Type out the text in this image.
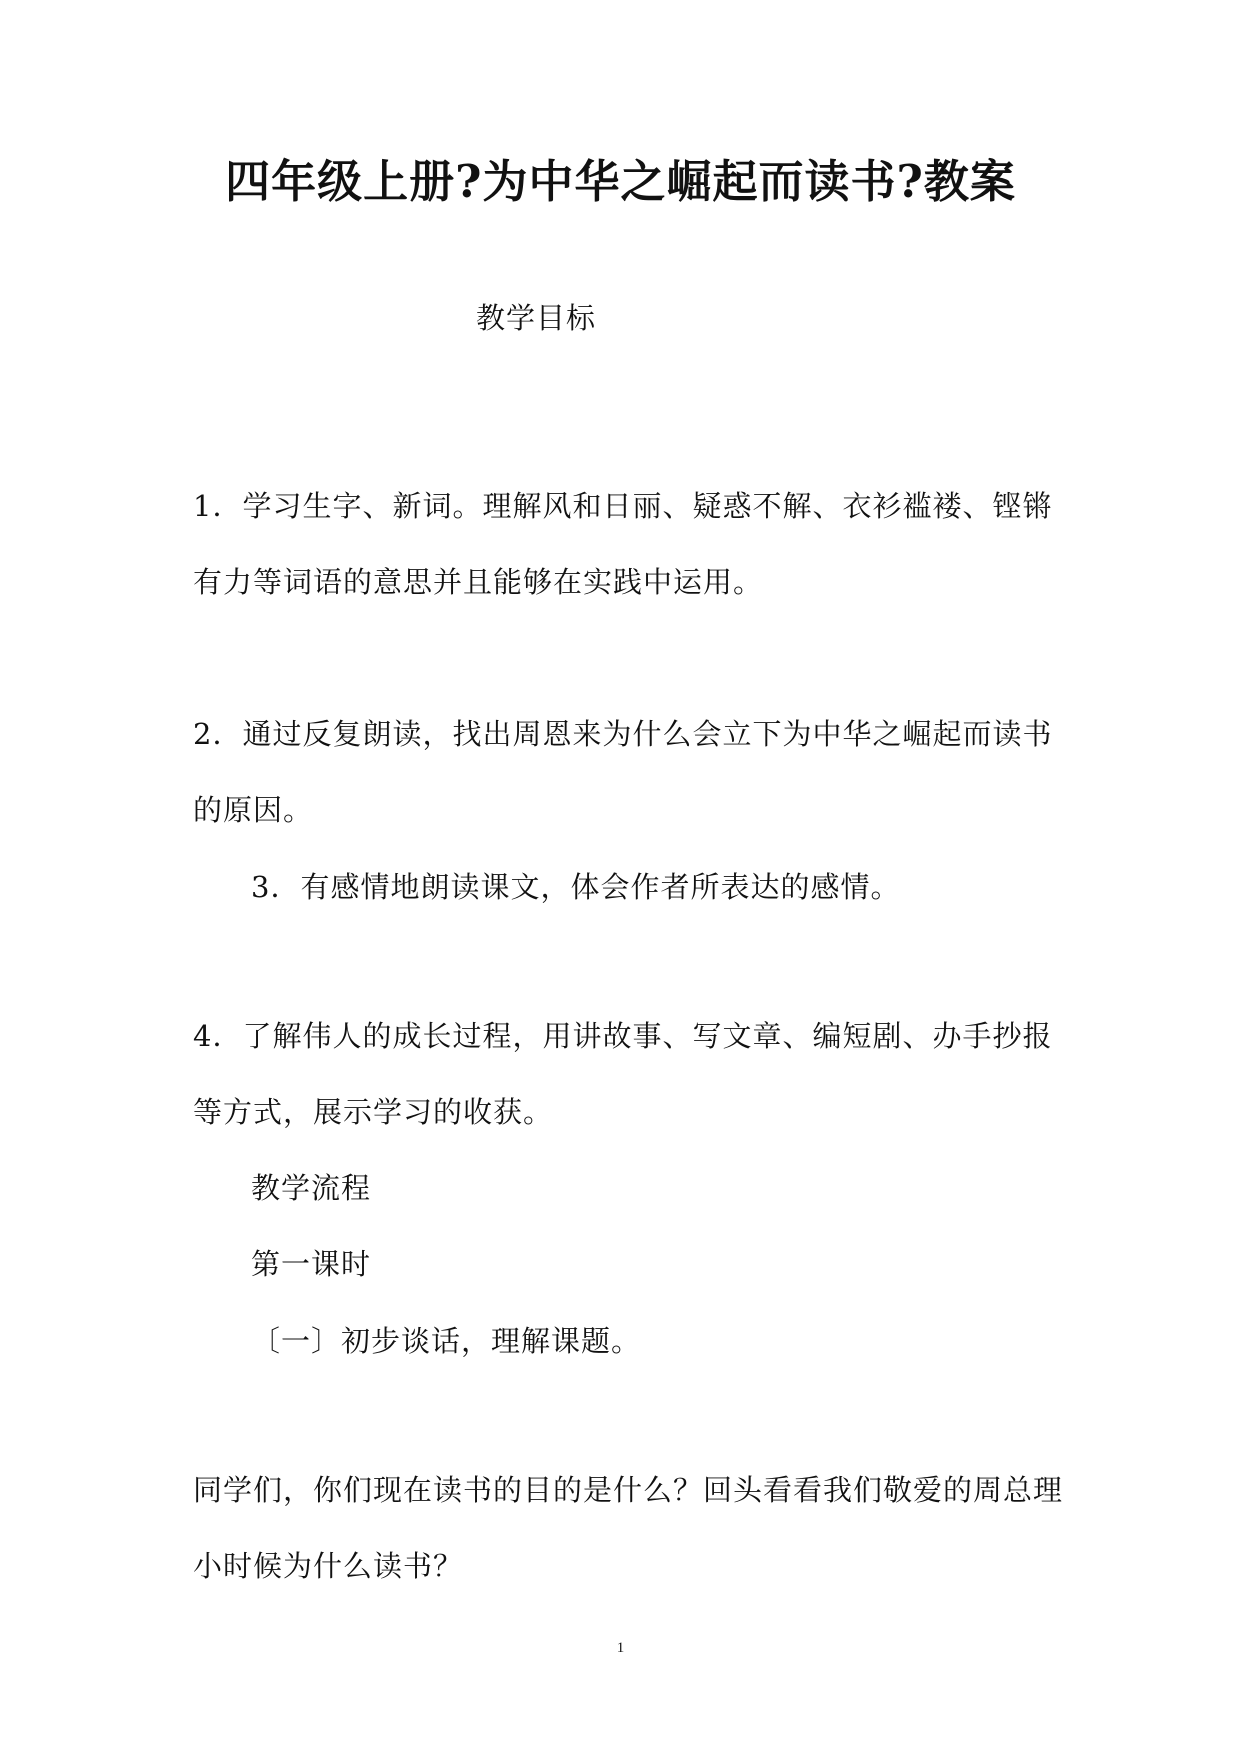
四年级上册?为中华之崛起而读书?教案
教学目标
1．学习生字、新词。理解风和日丽、疑惑不解、衣衫褴褛、铿锵
有力等词语的意思并且能够在实践中运用。
2．通过反复朗读，找出周恩来为什么会立下为中华之崛起而读书
的原因。
3．有感情地朗读课文，体会作者所表达的感情。
4．了解伟人的成长过程，用讲故事、写文章、编短剧、办手抄报
等方式，展示学习的收获。
教学流程
第一课时
〔一〕初步谈话，理解课题。
同学们，你们现在读书的目的是什么？回头看看我们敬爱的周总理
小时候为什么读书？
1
